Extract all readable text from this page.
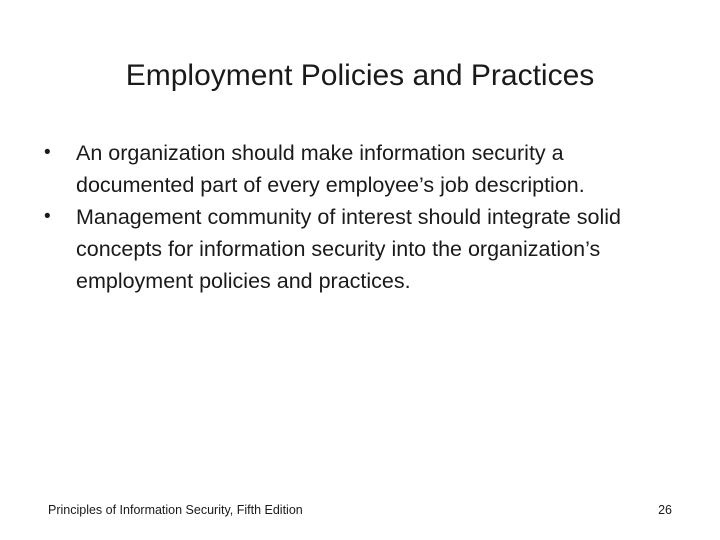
Employment Policies and Practices
• An organization should make information security a documented part of every employee’s job description.
• Management community of interest should integrate solid concepts for information security into the organization’s employment policies and practices.
Principles of Information Security, Fifth Edition	26
